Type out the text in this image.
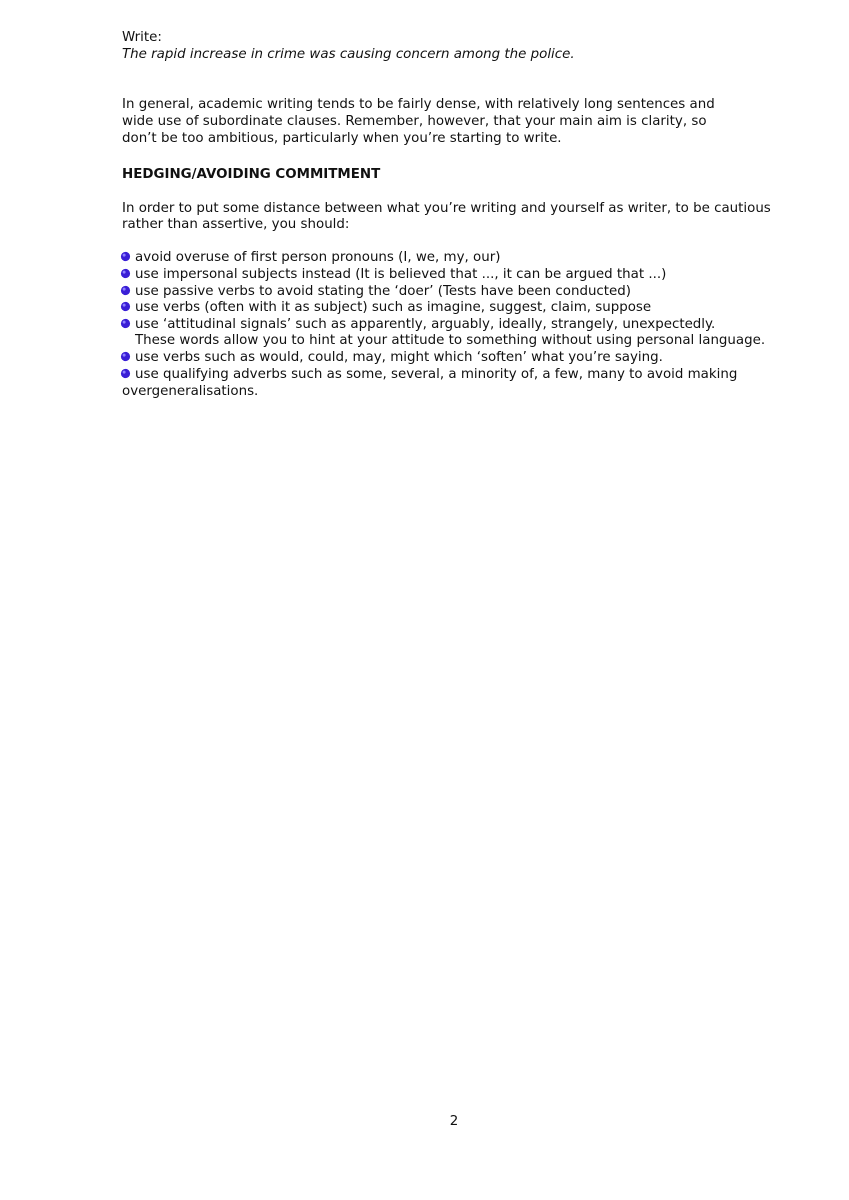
Write:
The rapid increase in crime was causing concern among the police.
In general, academic writing tends to be fairly dense, with relatively long sentences and
wide use of subordinate clauses. Remember, however, that your main aim is clarity, so
don’t be too ambitious, particularly when you’re starting to write.
HEDGING/AVOIDING COMMITMENT
In order to put some distance between what you’re writing and yourself as writer, to be cautious
rather than assertive, you should:
avoid overuse of first person pronouns (I, we, my, our)
use impersonal subjects instead (It is believed that ..., it can be argued that ...)
use passive verbs to avoid stating the ‘doer’ (Tests have been conducted)
use verbs (often with it as subject) such as imagine, suggest, claim, suppose
use ‘attitudinal signals’ such as apparently, arguably, ideally, strangely, unexpectedly.
These words allow you to hint at your attitude to something without using personal language.
use verbs such as would, could, may, might which ‘soften’ what you’re saying.
use qualifying adverbs such as some, several, a minority of, a few, many to avoid making
overgeneralisations.
2
